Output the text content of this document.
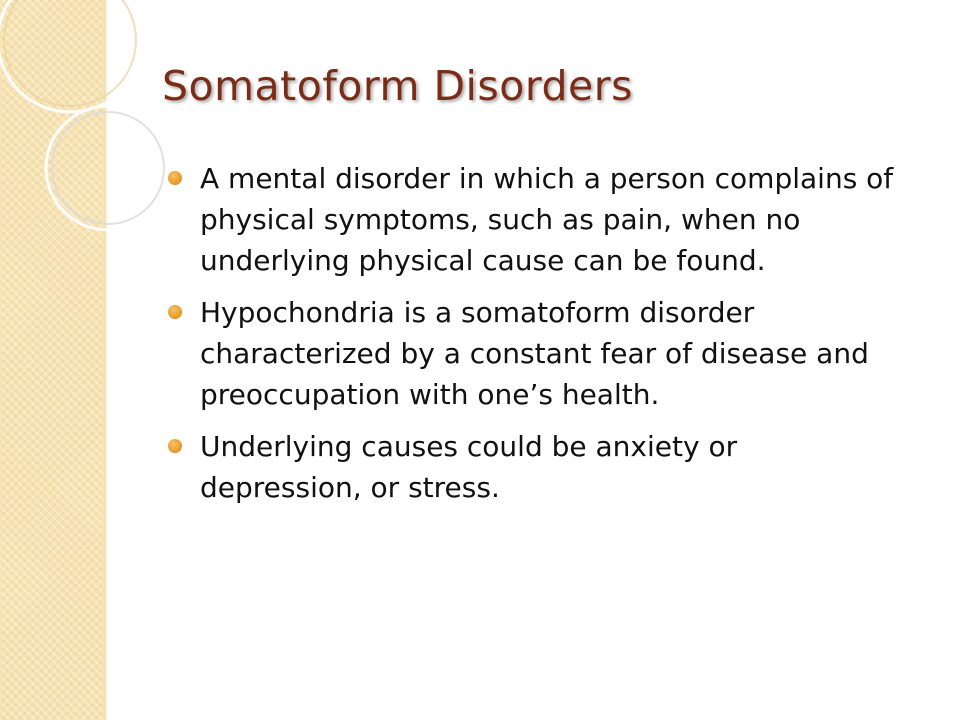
Somatoform Disorders
A mental disorder in which a person complains of physical symptoms, such as pain, when no underlying physical cause can be found.
Hypochondria is a somatoform disorder characterized by a constant fear of disease and preoccupation with one’s health.
Underlying causes could be anxiety or depression, or stress.
